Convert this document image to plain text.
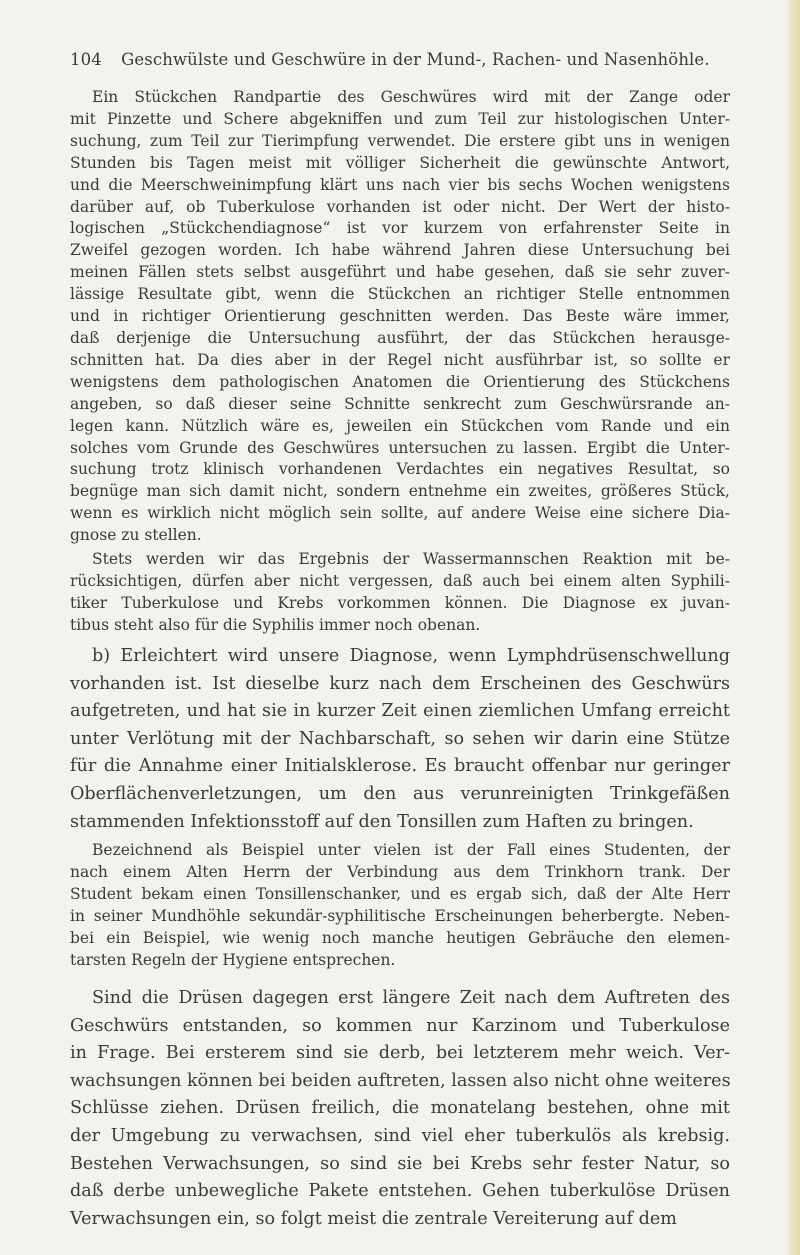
104 Geschwülste und Geschwüre in der Mund-, Rachen- und Nasenhöhle.
Ein Stückchen Randpartie des Geschwüres wird mit der Zange oder
mit Pinzette und Schere abgekniffen und zum Teil zur histologischen Unter-
suchung, zum Teil zur Tierimpfung verwendet. Die erstere gibt uns in wenigen
Stunden bis Tagen meist mit völliger Sicherheit die gewünschte Antwort,
und die Meerschweinimpfung klärt uns nach vier bis sechs Wochen wenigstens
darüber auf, ob Tuberkulose vorhanden ist oder nicht. Der Wert der histo-
logischen „Stückchendiagnose“ ist vor kurzem von erfahrenster Seite in
Zweifel gezogen worden. Ich habe während Jahren diese Untersuchung bei
meinen Fällen stets selbst ausgeführt und habe gesehen, daß sie sehr zuver-
lässige Resultate gibt, wenn die Stückchen an richtiger Stelle entnommen
und in richtiger Orientierung geschnitten werden. Das Beste wäre immer,
daß derjenige die Untersuchung ausführt, der das Stückchen herausge-
schnitten hat. Da dies aber in der Regel nicht ausführbar ist, so sollte er
wenigstens dem pathologischen Anatomen die Orientierung des Stückchens
angeben, so daß dieser seine Schnitte senkrecht zum Geschwürsrande an-
legen kann. Nützlich wäre es, jeweilen ein Stückchen vom Rande und ein
solches vom Grunde des Geschwüres untersuchen zu lassen. Ergibt die Unter-
suchung trotz klinisch vorhandenen Verdachtes ein negatives Resultat, so
begnüge man sich damit nicht, sondern entnehme ein zweites, größeres Stück,
wenn es wirklich nicht möglich sein sollte, auf andere Weise eine sichere Dia-
gnose zu stellen.
Stets werden wir das Ergebnis der Wassermannschen Reaktion mit be-
rücksichtigen, dürfen aber nicht vergessen, daß auch bei einem alten Syphili-
tiker Tuberkulose und Krebs vorkommen können. Die Diagnose ex juvan-
tibus steht also für die Syphilis immer noch obenan.
b) Erleichtert wird unsere Diagnose, wenn Lymphdrüsenschwellung
vorhanden ist. Ist dieselbe kurz nach dem Erscheinen des Geschwürs
aufgetreten, und hat sie in kurzer Zeit einen ziemlichen Umfang erreicht
unter Verlötung mit der Nachbarschaft, so sehen wir darin eine Stütze
für die Annahme einer Initialsklerose. Es braucht offenbar nur geringer
Oberflächenverletzungen, um den aus verunreinigten Trinkgefäßen
stammenden Infektionsstoff auf den Tonsillen zum Haften zu bringen.
Bezeichnend als Beispiel unter vielen ist der Fall eines Studenten, der
nach einem Alten Herrn der Verbindung aus dem Trinkhorn trank. Der
Student bekam einen Tonsillenschanker, und es ergab sich, daß der Alte Herr
in seiner Mundhöhle sekundär-syphilitische Erscheinungen beherbergte. Neben-
bei ein Beispiel, wie wenig noch manche heutigen Gebräuche den elemen-
tarsten Regeln der Hygiene entsprechen.
Sind die Drüsen dagegen erst längere Zeit nach dem Auftreten des
Geschwürs entstanden, so kommen nur Karzinom und Tuberkulose
in Frage. Bei ersterem sind sie derb, bei letzterem mehr weich. Ver-
wachsungen können bei beiden auftreten, lassen also nicht ohne weiteres
Schlüsse ziehen. Drüsen freilich, die monatelang bestehen, ohne mit
der Umgebung zu verwachsen, sind viel eher tuberkulös als krebsig.
Bestehen Verwachsungen, so sind sie bei Krebs sehr fester Natur, so
daß derbe unbewegliche Pakete entstehen. Gehen tuberkulöse Drüsen
Verwachsungen ein, so folgt meist die zentrale Vereiterung auf dem
